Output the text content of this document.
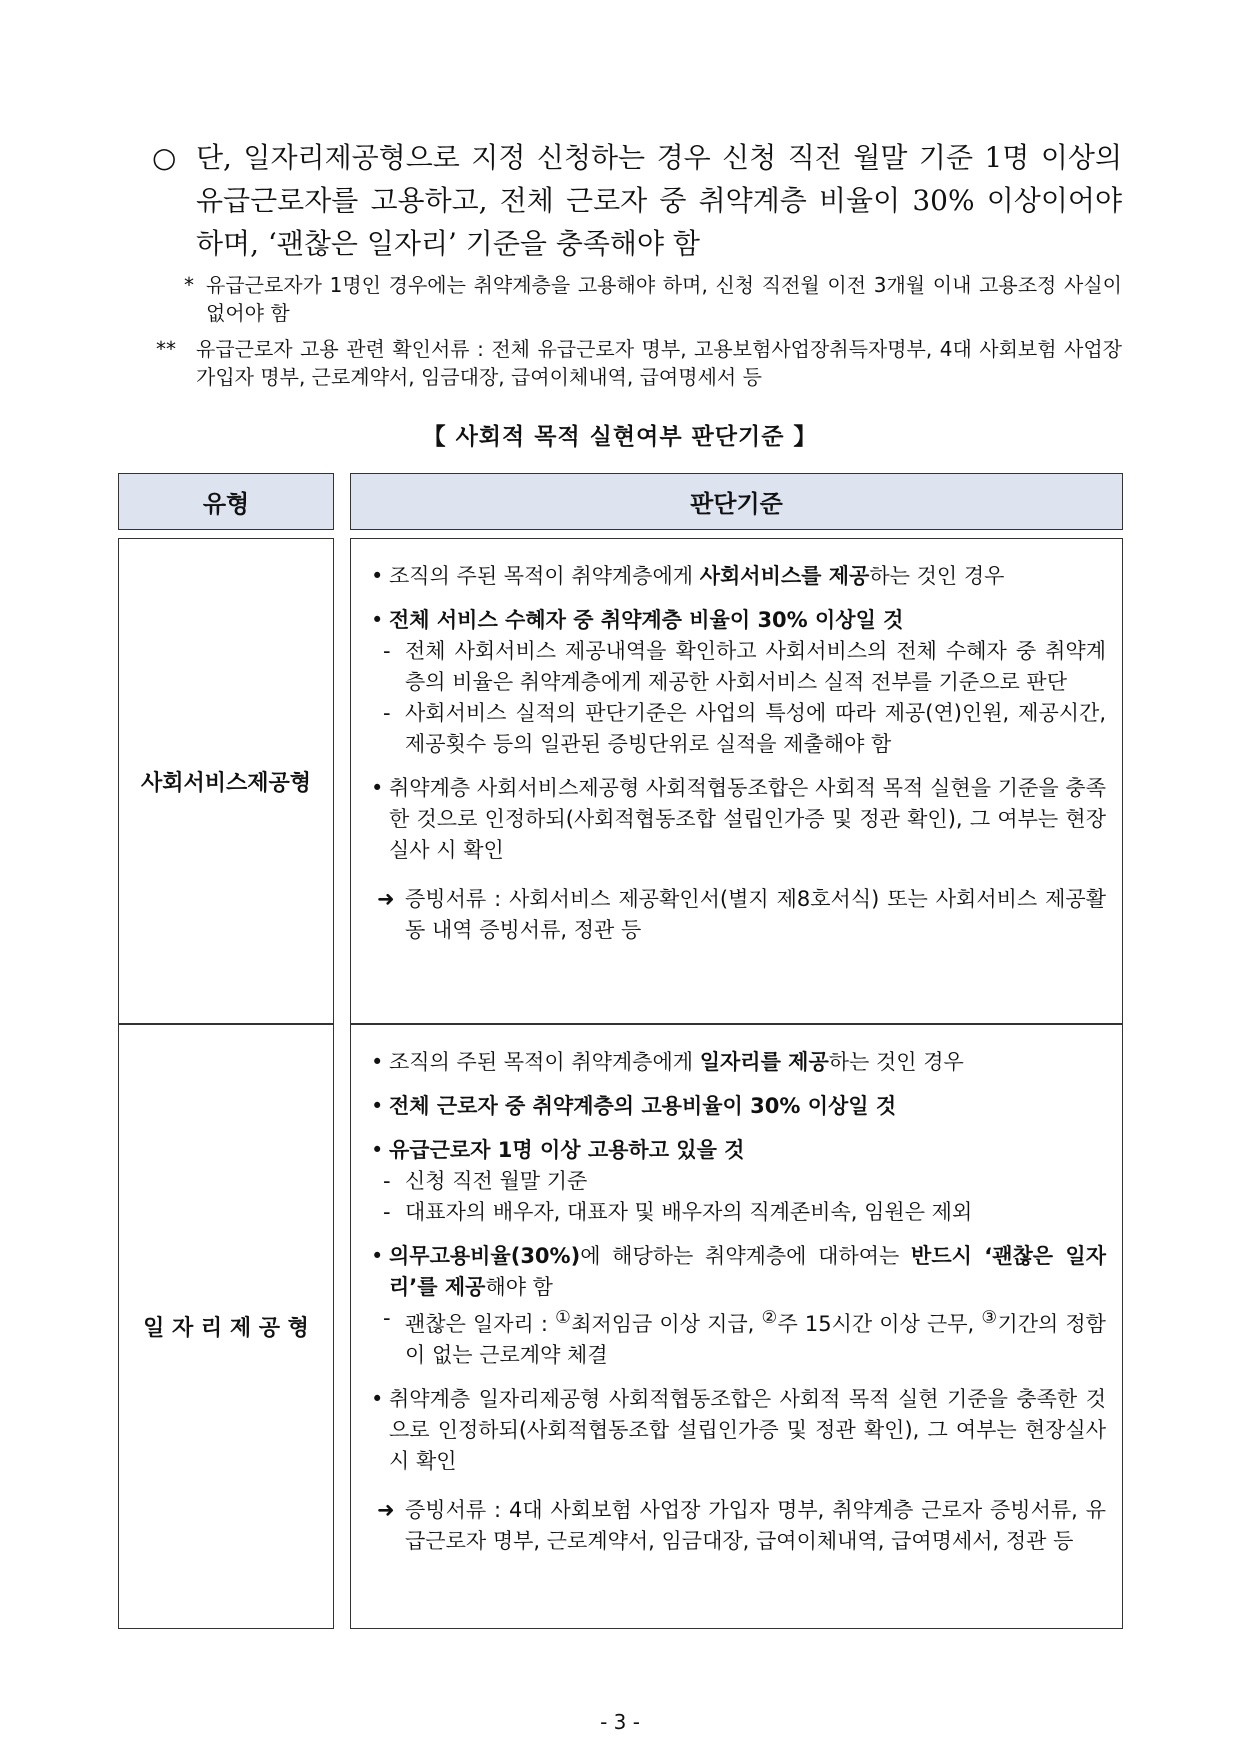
○ 단, 일자리제공형으로 지정 신청하는 경우 신청 직전 월말 기준 1명 이상의 유급근로자를 고용하고, 전체 근로자 중 취약계층 비율이 30% 이상이어야 하며, ‘괜찮은 일자리’ 기준을 충족해야 함
* 유급근로자가 1명인 경우에는 취약계층을 고용해야 하며, 신청 직전월 이전 3개월 이내 고용조정 사실이 없어야 함
** 유급근로자 고용 관련 확인서류 : 전체 유급근로자 명부, 고용보험사업장취득자명부, 4대 사회보험 사업장 가입자 명부, 근로계약서, 임금대장, 급여이체내역, 급여명세서 등
【 사회적 목적 실현여부 판단기준 】
유형	판단기준
사회서비스제공형
• 조직의 주된 목적이 취약계층에게 사회서비스를 제공하는 것인 경우
• 전체 서비스 수혜자 중 취약계층 비율이 30% 이상일 것
- 전체 사회서비스 제공내역을 확인하고 사회서비스의 전체 수혜자 중 취약계층의 비율은 취약계층에게 제공한 사회서비스 실적 전부를 기준으로 판단
- 사회서비스 실적의 판단기준은 사업의 특성에 따라 제공(연)인원, 제공시간, 제공횟수 등의 일관된 증빙단위로 실적을 제출해야 함
• 취약계층 사회서비스제공형 사회적협동조합은 사회적 목적 실현을 기준을 충족한 것으로 인정하되(사회적협동조합 설립인가증 및 정관 확인), 그 여부는 현장실사 시 확인
➜ 증빙서류 : 사회서비스 제공확인서(별지 제8호서식) 또는 사회서비스 제공활동 내역 증빙서류, 정관 등
일 자 리 제 공 형
• 조직의 주된 목적이 취약계층에게 일자리를 제공하는 것인 경우
• 전체 근로자 중 취약계층의 고용비율이 30% 이상일 것
• 유급근로자 1명 이상 고용하고 있을 것
- 신청 직전 월말 기준
- 대표자의 배우자, 대표자 및 배우자의 직계존비속, 임원은 제외
• 의무고용비율(30%)에 해당하는 취약계층에 대하여는 반드시 ‘괜찮은 일자리’를 제공해야 함
- 괜찮은 일자리 : ①최저임금 이상 지급, ②주 15시간 이상 근무, ③기간의 정함이 없는 근로계약 체결
• 취약계층 일자리제공형 사회적협동조합은 사회적 목적 실현 기준을 충족한 것으로 인정하되(사회적협동조합 설립인가증 및 정관 확인), 그 여부는 현장실사 시 확인
➜ 증빙서류 : 4대 사회보험 사업장 가입자 명부, 취약계층 근로자 증빙서류, 유급근로자 명부, 근로계약서, 임금대장, 급여이체내역, 급여명세서, 정관 등
- 3 -
